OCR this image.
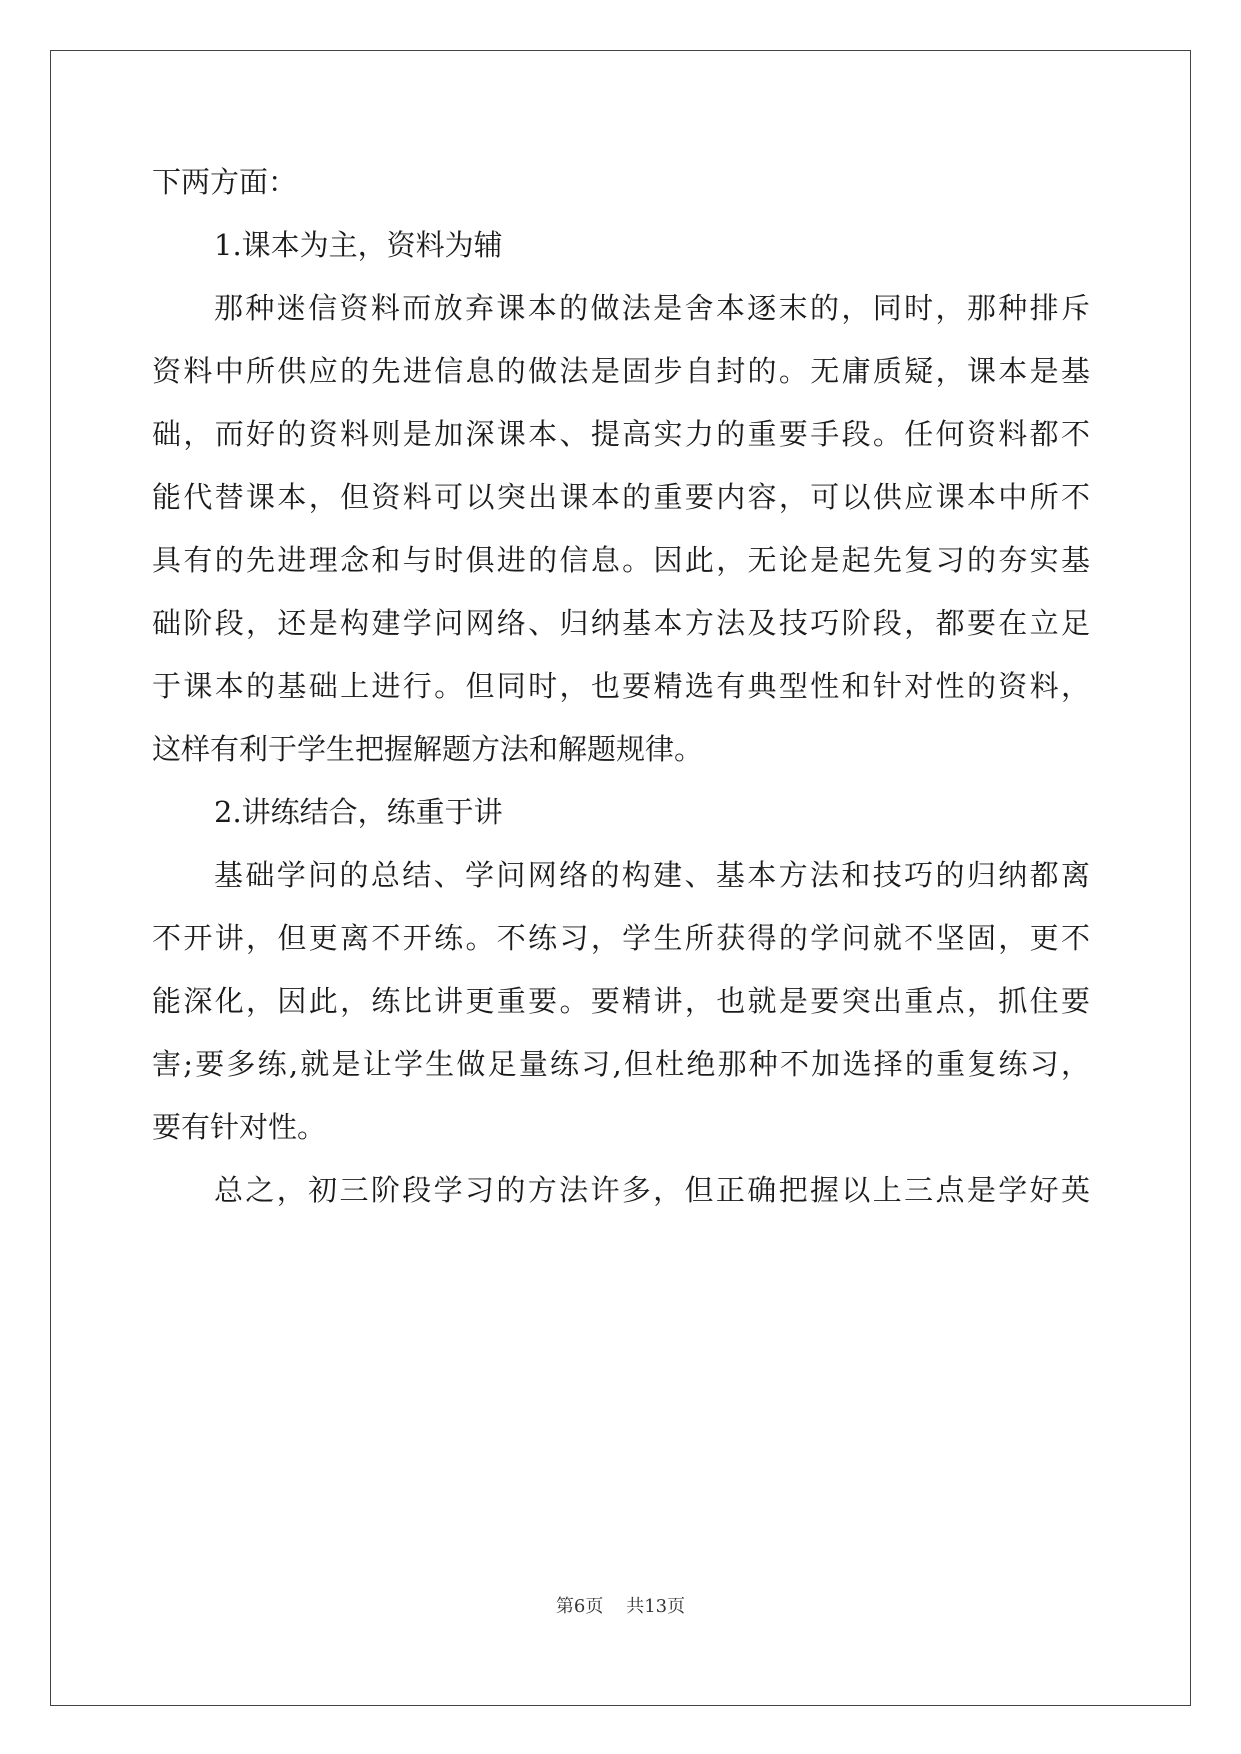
下两方面：
1.课本为主，资料为辅
那种迷信资料而放弃课本的做法是舍本逐末的，同时，那种排斥
资料中所供应的先进信息的做法是固步自封的。无庸质疑，课本是基
础，而好的资料则是加深课本、提高实力的重要手段。任何资料都不
能代替课本，但资料可以突出课本的重要内容，可以供应课本中所不
具有的先进理念和与时俱进的信息。因此，无论是起先复习的夯实基
础阶段，还是构建学问网络、归纳基本方法及技巧阶段，都要在立足
于课本的基础上进行。但同时，也要精选有典型性和针对性的资料，
这样有利于学生把握解题方法和解题规律。
2.讲练结合，练重于讲
基础学问的总结、学问网络的构建、基本方法和技巧的归纳都离
不开讲，但更离不开练。不练习，学生所获得的学问就不坚固，更不
能深化，因此，练比讲更重要。要精讲，也就是要突出重点，抓住要
害;要多练,就是让学生做足量练习,但杜绝那种不加选择的重复练习，
要有针对性。
总之，初三阶段学习的方法许多，但正确把握以上三点是学好英
第6页 共13页
